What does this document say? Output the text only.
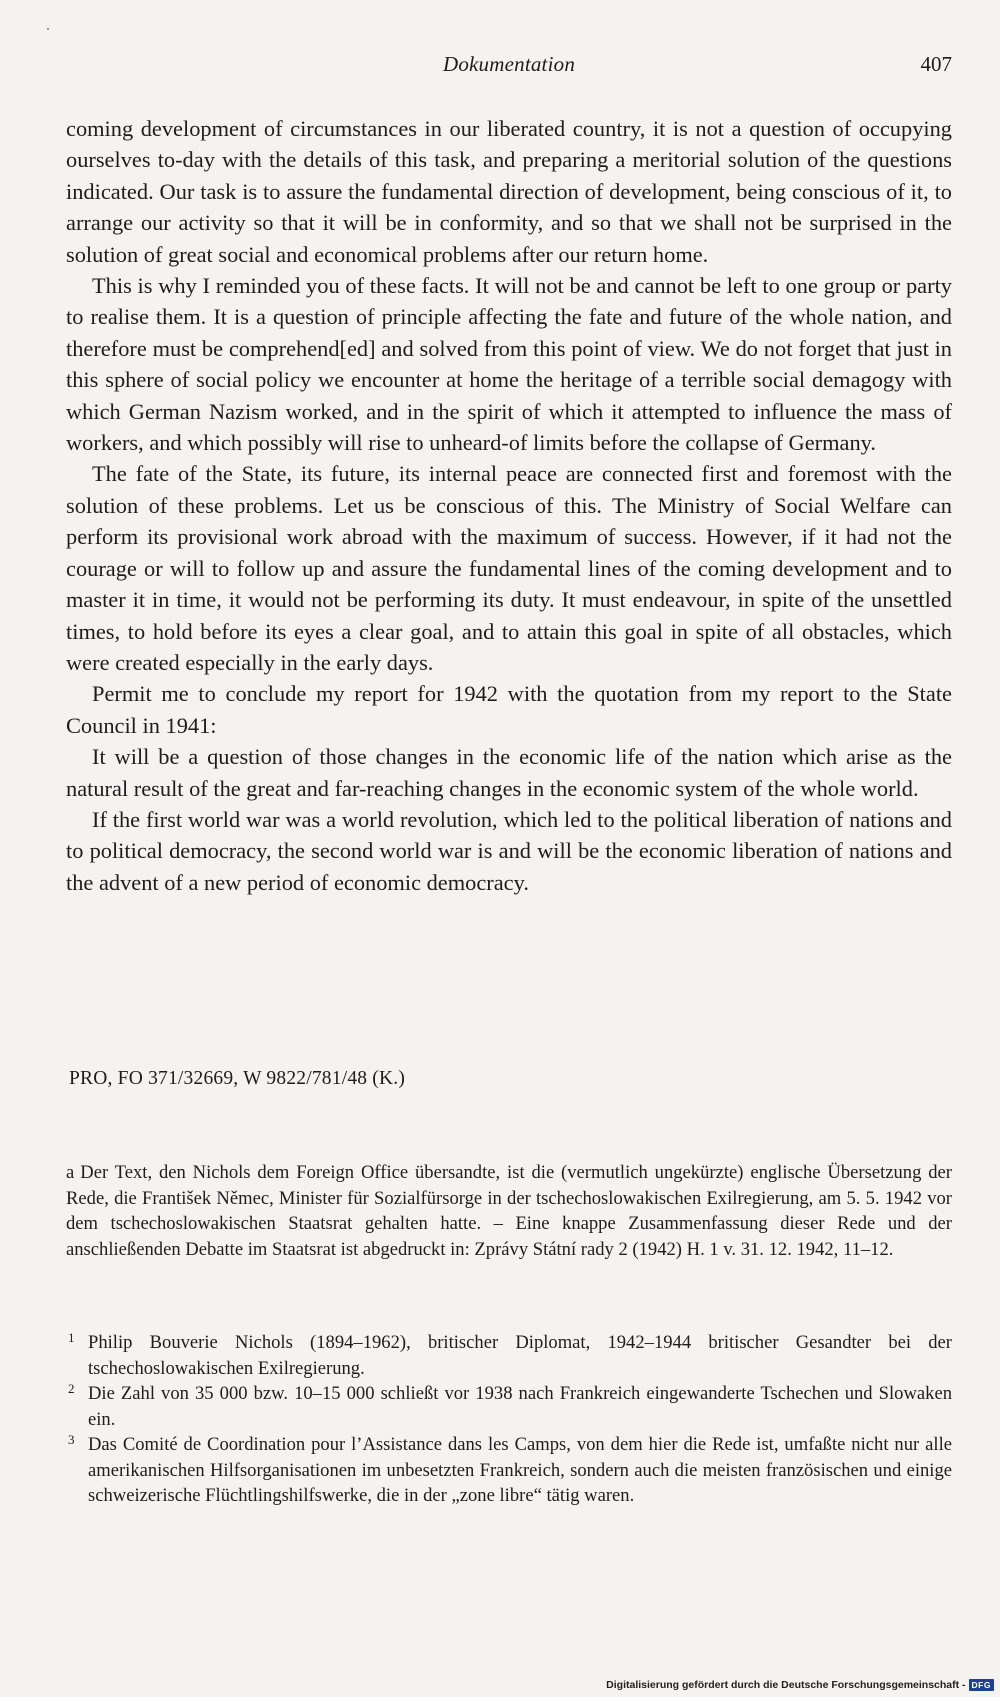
Dokumentation	407

coming development of circumstances in our liberated country, it is not a question of occupying ourselves to-day with the details of this task, and preparing a meritorial solution of the questions indicated. Our task is to assure the fundamental direction of development, being conscious of it, to arrange our activity so that it will be in conformity, and so that we shall not be surprised in the solution of great social and economical problems after our return home.

This is why I reminded you of these facts. It will not be and cannot be left to one group or party to realise them. It is a question of principle affecting the fate and future of the whole nation, and therefore must be comprehend[ed] and solved from this point of view. We do not forget that just in this sphere of social policy we encounter at home the heritage of a terrible social demagogy with which German Nazism worked, and in the spirit of which it attempted to influence the mass of workers, and which possibly will rise to unheard-of limits before the collapse of Germany.

The fate of the State, its future, its internal peace are connected first and foremost with the solution of these problems. Let us be conscious of this. The Ministry of Social Welfare can perform its provisional work abroad with the maximum of success. However, if it had not the courage or will to follow up and assure the fundamental lines of the coming development and to master it in time, it would not be performing its duty. It must endeavour, in spite of the unsettled times, to hold before its eyes a clear goal, and to attain this goal in spite of all obstacles, which were created especially in the early days.

Permit me to conclude my report for 1942 with the quotation from my report to the State Council in 1941:

It will be a question of those changes in the economic life of the nation which arise as the natural result of the great and far-reaching changes in the economic system of the whole world.

If the first world war was a world revolution, which led to the political liberation of nations and to political democracy, the second world war is and will be the economic liberation of nations and the advent of a new period of economic democracy.

PRO, FO 371/32669, W 9822/781/48 (K.)

a Der Text, den Nichols dem Foreign Office übersandte, ist die (vermutlich ungekürzte) englische Übersetzung der Rede, die František Němec, Minister für Sozialfürsorge in der tschechoslowakischen Exilregierung, am 5. 5. 1942 vor dem tschechoslowakischen Staatsrat gehalten hatte. – Eine knappe Zusammenfassung dieser Rede und der anschließenden Debatte im Staatsrat ist abgedruckt in: Zprávy Státní rady 2 (1942) H. 1 v. 31. 12. 1942, 11–12.

1 Philip Bouverie Nichols (1894–1962), britischer Diplomat, 1942–1944 britischer Gesandter bei der tschechoslowakischen Exilregierung.

2 Die Zahl von 35 000 bzw. 10–15 000 schließt vor 1938 nach Frankreich eingewanderte Tschechen und Slowaken ein.

3 Das Comité de Coordination pour l’Assistance dans les Camps, von dem hier die Rede ist, umfaßte nicht nur alle amerikanischen Hilfsorganisationen im unbesetzten Frankreich, sondern auch die meisten französischen und einige schweizerische Flüchtlingshilfswerke, die in der „zone libre“ tätig waren.

Digitalisierung gefördert durch die Deutsche Forschungsgemeinschaft - DFG
